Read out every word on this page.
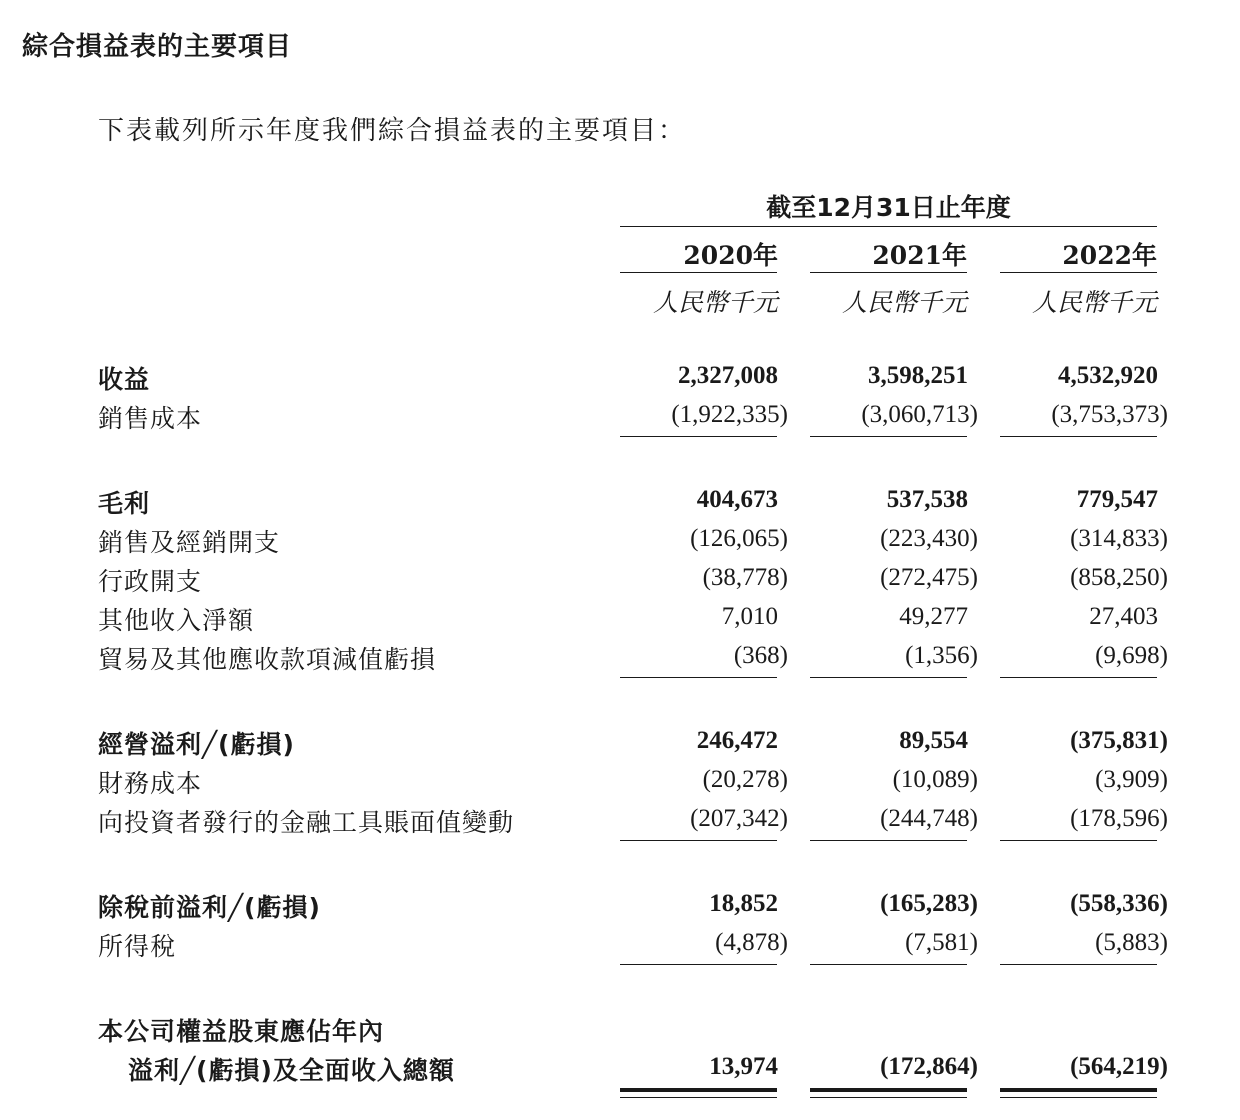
綜合損益表的主要項目
下表載列所示年度我們綜合損益表的主要項目：
截至12月31日止年度
2020年	2021年	2022年
人民幣千元	人民幣千元	人民幣千元
收益	2,327,008	3,598,251	4,532,920
銷售成本	(1,922,335)	(3,060,713)	(3,753,373)
毛利	404,673	537,538	779,547
銷售及經銷開支	(126,065)	(223,430)	(314,833)
行政開支	(38,778)	(272,475)	(858,250)
其他收入淨額	7,010	49,277	27,403
貿易及其他應收款項減值虧損	(368)	(1,356)	(9,698)
經營溢利╱(虧損)	246,472	89,554	(375,831)
財務成本	(20,278)	(10,089)	(3,909)
向投資者發行的金融工具賬面值變動	(207,342)	(244,748)	(178,596)
除稅前溢利╱(虧損)	18,852	(165,283)	(558,336)
所得稅	(4,878)	(7,581)	(5,883)
本公司權益股東應佔年內
溢利╱(虧損)及全面收入總額	13,974	(172,864)	(564,219)
